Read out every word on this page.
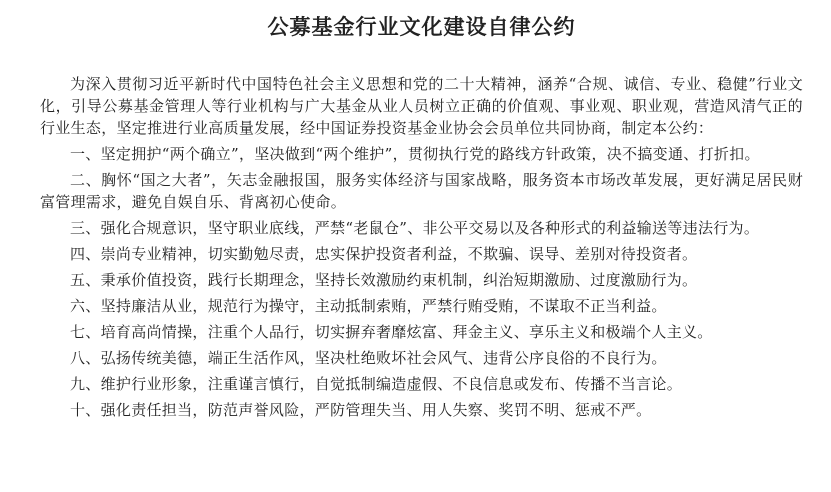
公募基金行业文化建设自律公约

为深入贯彻习近平新时代中国特色社会主义思想和党的二十大精神，涵养“合规、诚信、专业、稳健”行业文化，引导公募基金管理人等行业机构与广大基金从业人员树立正确的价值观、事业观、职业观，营造风清气正的行业生态，坚定推进行业高质量发展，经中国证券投资基金业协会会员单位共同协商，制定本公约：

一、坚定拥护“两个确立”，坚决做到“两个维护”，贯彻执行党的路线方针政策，决不搞变通、打折扣。

二、胸怀“国之大者”，矢志金融报国，服务实体经济与国家战略，服务资本市场改革发展，更好满足居民财富管理需求，避免自娱自乐、背离初心使命。

三、强化合规意识，坚守职业底线，严禁“老鼠仓”、非公平交易以及各种形式的利益输送等违法行为。

四、崇尚专业精神，切实勤勉尽责，忠实保护投资者利益，不欺骗、误导、差别对待投资者。

五、秉承价值投资，践行长期理念，坚持长效激励约束机制，纠治短期激励、过度激励行为。

六、坚持廉洁从业，规范行为操守，主动抵制索贿，严禁行贿受贿，不谋取不正当利益。

七、培育高尚情操，注重个人品行，切实摒弃奢靡炫富、拜金主义、享乐主义和极端个人主义。

八、弘扬传统美德，端正生活作风，坚决杜绝败坏社会风气、违背公序良俗的不良行为。

九、维护行业形象，注重谨言慎行，自觉抵制编造虚假、不良信息或发布、传播不当言论。

十、强化责任担当，防范声誉风险，严防管理失当、用人失察、奖罚不明、惩戒不严。
